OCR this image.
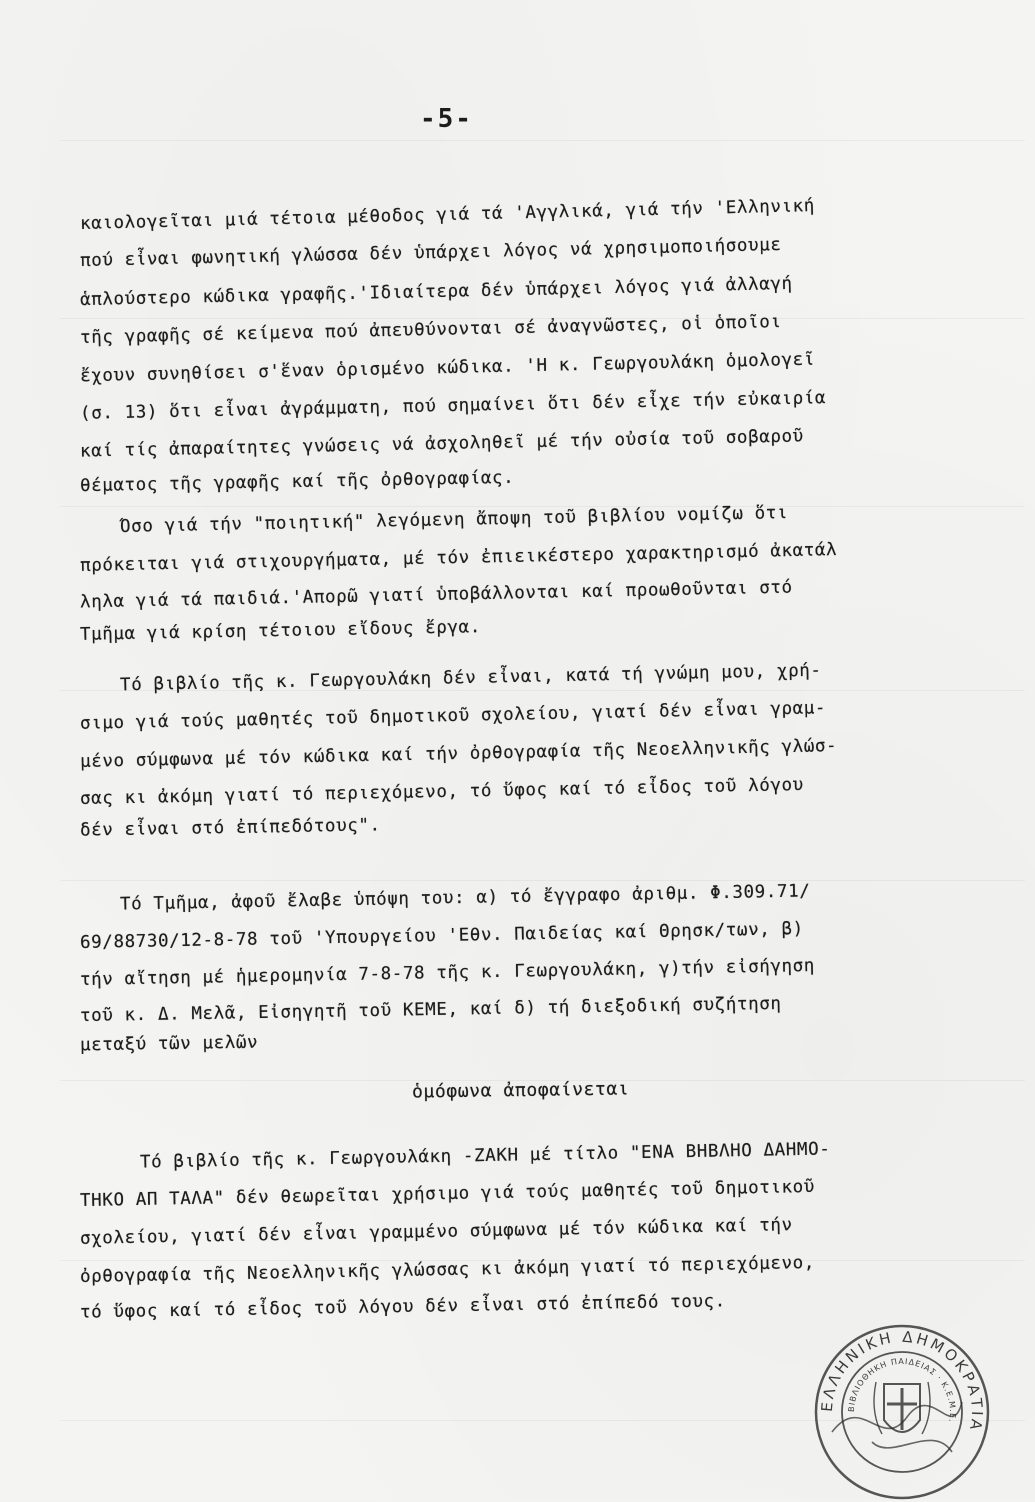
-5-
καιολογεῖται μιά τέτοια μέθοδος γιά τά 'Αγγλικά, γιά τήν 'Ελληνική
πού εἶναι φωνητική γλώσσα δέν ὑπάρχει λόγος νά χρησιμοποιήσουμε
ἁπλούστερο κώδικα γραφῆς.'Ιδιαίτερα δέν ὑπάρχει λόγος γιά ἀλλαγή
τῆς γραφῆς σέ κείμενα πού ἀπευθύνονται σέ ἀναγνῶστες, οἱ ὁποῖοι
ἔχουν συνηθίσει σ'ἕναν ὁρισμένο κώδικα. 'Η κ. Γεωργουλάκη ὁμολογεῖ
(σ. 13) ὅτι εἶναι ἀγράμματη, πού σημαίνει ὅτι δέν εἶχε τήν εὐκαιρία
καί τίς ἀπαραίτητες γνώσεις νά ἀσχοληθεῖ μέ τήν οὐσία τοῦ σοβαροῦ
θέματος τῆς γραφῆς καί τῆς ὀρθογραφίας.
Όσο γιά τήν "ποιητική" λεγόμενη ἄποψη τοῦ βιβλίου νομίζω ὅτι
πρόκειται γιά στιχουργήματα, μέ τόν ἐπιεικέστερο χαρακτηρισμό ἀκατάλ
ληλα γιά τά παιδιά.'Απορῶ γιατί ὑποβάλλονται καί προωθοῦνται στό
Τμῆμα γιά κρίση τέτοιου εἴδους ἔργα.
Τό βιβλίο τῆς κ. Γεωργουλάκη δέν εἶναι, κατά τή γνώμη μου, χρή-
σιμο γιά τούς μαθητές τοῦ δημοτικοῦ σχολείου, γιατί δέν εἶναι γραμ-
μένο σύμφωνα μέ τόν κώδικα καί τήν ὀρθογραφία τῆς Νεοελληνικῆς γλώσ-
σας κι ἀκόμη γιατί τό περιεχόμενο, τό ὕφος καί τό εἶδος τοῦ λόγου
δέν εἶναι στό ἐπίπεδότους".
Τό Τμῆμα, ἀφοῦ ἔλαβε ὑπόψη του: α) τό ἔγγραφο ἀριθμ. Φ.309.71/
69/88730/12-8-78 τοῦ 'Υπουργείου 'Εθν. Παιδείας καί Θρησκ/των, β)
τήν αἴτηση μέ ἡμερομηνία 7-8-78 τῆς κ. Γεωργουλάκη, γ)τήν εἰσήγηση
τοῦ κ. Δ. Μελᾶ, Εἰσηγητῆ τοῦ ΚΕΜΕ, καί δ) τή διεξοδική συζήτηση
μεταξύ τῶν μελῶν
ὁμόφωνα ἀποφαίνεται
Τό βιβλίο τῆς κ. Γεωργουλάκη -ΖΑΚΗ μέ τίτλο "ΕΝΑ ΒΗΒΛΗΟ ΔΑΗΜΟ-
ΤΗΚΟ ΑΠ ΤΑΛΑ" δέν θεωρεῖται χρήσιμο γιά τούς μαθητές τοῦ δημοτικοῦ
σχολείου, γιατί δέν εἶναι γραμμένο σύμφωνα μέ τόν κώδικα καί τήν
ὀρθογραφία τῆς Νεοελληνικῆς γλώσσας κι ἀκόμη γιατί τό περιεχόμενο,
τό ὕφος καί τό εἶδος τοῦ λόγου δέν εἶναι στό ἐπίπεδό τους.
ΕΛΛΗΝΙΚΗ ΔΗΜΟΚΡΑΤΙΑ
ΒΙΒΛΙΟΘΗΚΗ ΠΑΙΔΕΙΑΣ · Κ.Ε.Μ.Ε.
